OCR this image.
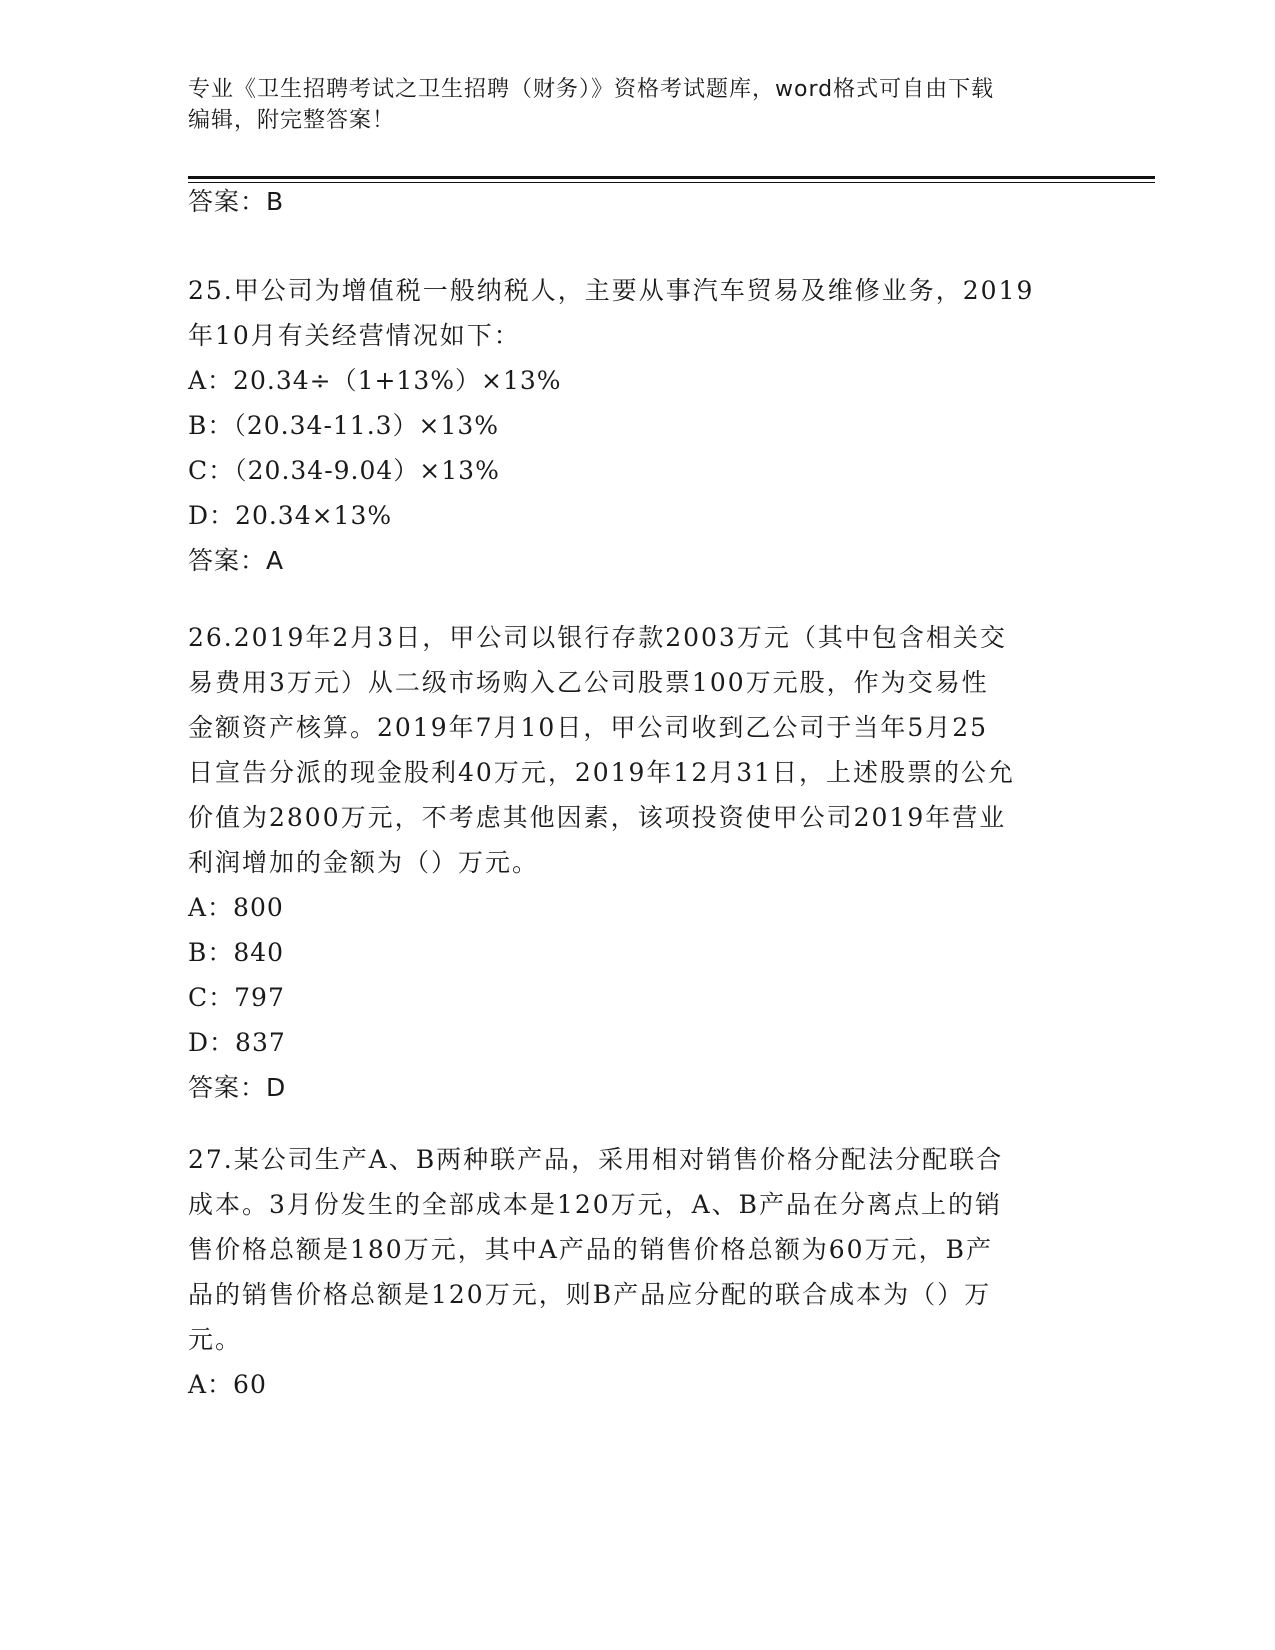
专业《卫生招聘考试之卫生招聘（财务）》资格考试题库，word格式可自由下载
编辑，附完整答案！
答案：B
25.甲公司为增值税一般纳税人，主要从事汽车贸易及维修业务，2019
年10月有关经营情况如下：
A：20.34÷（1+13%）×13%
B：（20.34-11.3）×13%
C：（20.34-9.04）×13%
D：20.34×13%
答案：A
26.2019年2月3日，甲公司以银行存款2003万元（其中包含相关交
易费用3万元）从二级市场购入乙公司股票100万元股，作为交易性
金额资产核算。2019年7月10日，甲公司收到乙公司于当年5月25
日宣告分派的现金股利40万元，2019年12月31日，上述股票的公允
价值为2800万元，不考虑其他因素，该项投资使甲公司2019年营业
利润增加的金额为（）万元。
A：800
B：840
C：797
D：837
答案：D
27.某公司生产A、B两种联产品，采用相对销售价格分配法分配联合
成本。3月份发生的全部成本是120万元，A、B产品在分离点上的销
售价格总额是180万元，其中A产品的销售价格总额为60万元，B产
品的销售价格总额是120万元，则B产品应分配的联合成本为（）万
元。
A：60
